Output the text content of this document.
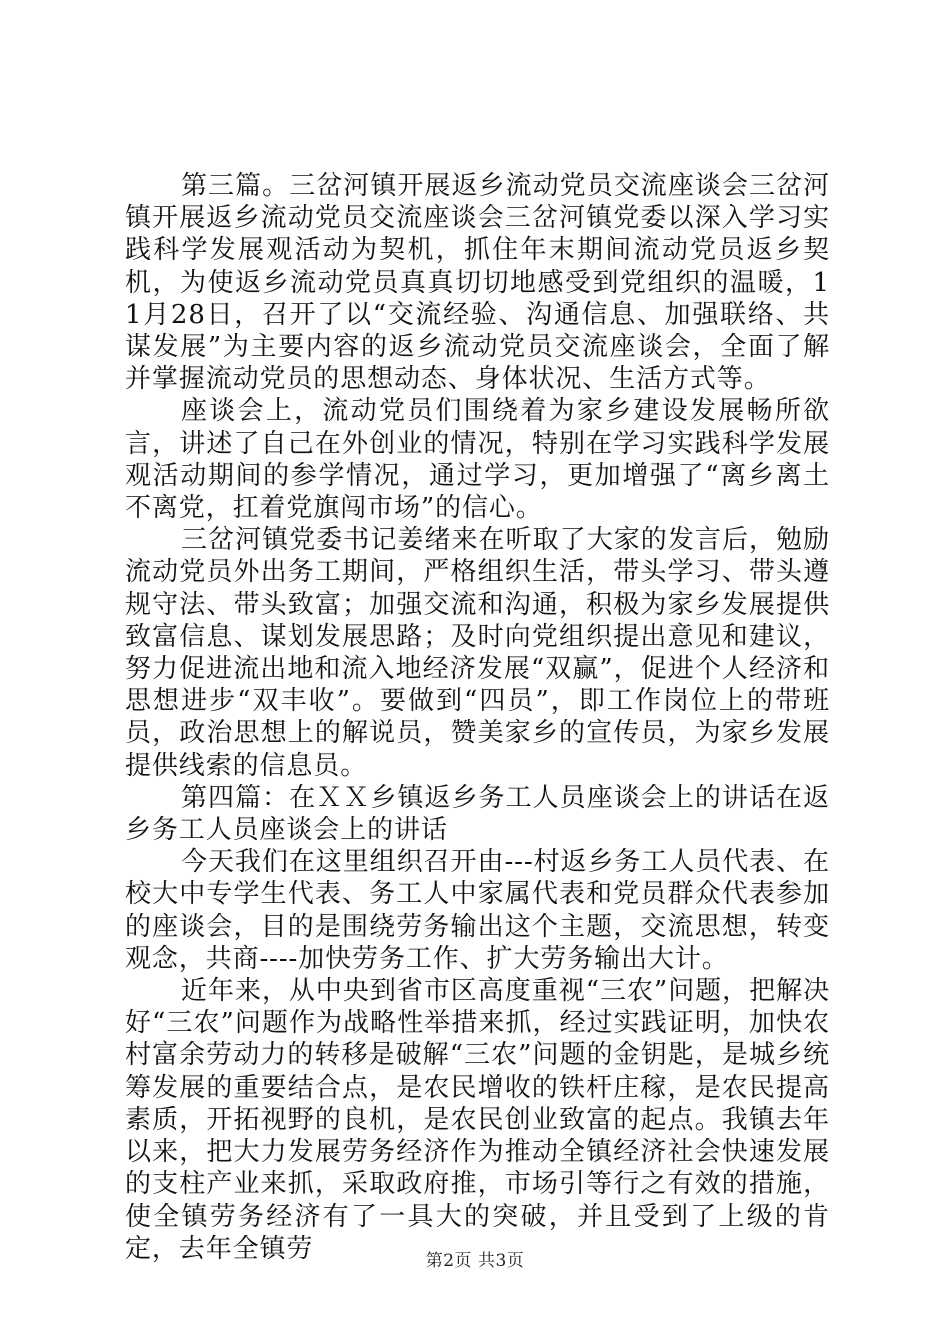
第三篇。三岔河镇开展返乡流动党员交流座谈会三岔河镇开展返乡流动党员交流座谈会三岔河镇党委以深入学习实践科学发展观活动为契机，抓住年末期间流动党员返乡契机，为使返乡流动党员真真切切地感受到党组织的温暖，11月28日，召开了以“交流经验、沟通信息、加强联络、共谋发展”为主要内容的返乡流动党员交流座谈会，全面了解并掌握流动党员的思想动态、身体状况、生活方式等。

座谈会上，流动党员们围绕着为家乡建设发展畅所欲言，讲述了自己在外创业的情况，特别在学习实践科学发展观活动期间的参学情况，通过学习，更加增强了“离乡离土不离党，扛着党旗闯市场”的信心。

三岔河镇党委书记姜绪来在听取了大家的发言后，勉励流动党员外出务工期间，严格组织生活，带头学习、带头遵规守法、带头致富；加强交流和沟通，积极为家乡发展提供致富信息、谋划发展思路；及时向党组织提出意见和建议，努力促进流出地和流入地经济发展“双赢”，促进个人经济和思想进步“双丰收”。要做到“四员”，即工作岗位上的带班员，政治思想上的解说员，赞美家乡的宣传员，为家乡发展提供线索的信息员。

第四篇：在ＸＸ乡镇返乡务工人员座谈会上的讲话在返乡务工人员座谈会上的讲话

今天我们在这里组织召开由---村返乡务工人员代表、在校大中专学生代表、务工人中家属代表和党员群众代表参加的座谈会，目的是围绕劳务输出这个主题，交流思想，转变观念，共商----加快劳务工作、扩大劳务输出大计。

近年来，从中央到省市区高度重视“三农”问题，把解决好“三农”问题作为战略性举措来抓，经过实践证明，加快农村富余劳动力的转移是破解“三农”问题的金钥匙，是城乡统筹发展的重要结合点，是农民增收的铁杆庄稼，是农民提高素质，开拓视野的良机，是农民创业致富的起点。我镇去年以来，把大力发展劳务经济作为推动全镇经济社会快速发展的支柱产业来抓，采取政府推，市场引等行之有效的措施，使全镇劳务经济有了一具大的突破，并且受到了上级的肯定，去年全镇劳	第2页 共3页
